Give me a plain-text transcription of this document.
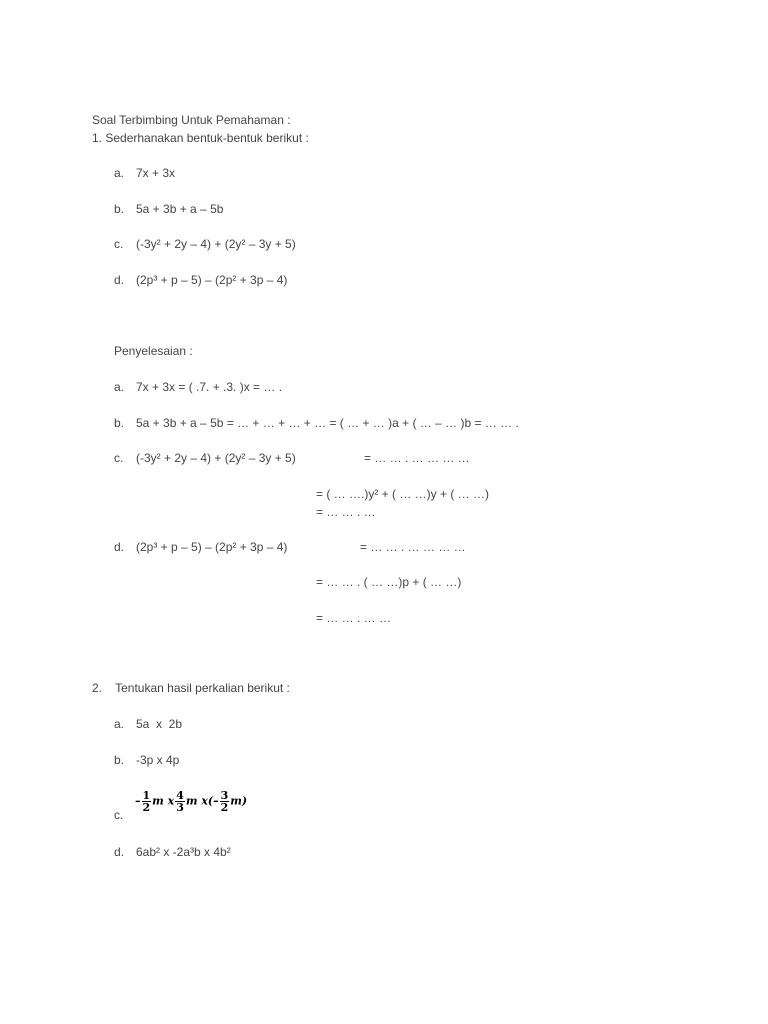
Soal Terbimbing Untuk Pemahaman :
1. Sederhanakan bentuk-bentuk berikut :
a. 7x + 3x
b. 5a + 3b + a – 5b
c. (-3y² + 2y – 4) + (2y² – 3y + 5)
d. (2p³ + p – 5) – (2p² + 3p – 4)
Penyelesaian :
a. 7x + 3x = ( .7. + .3. )x = … .
b. 5a + 3b + a – 5b = … + … + … + … = ( … + … )a + ( … – … )b = … … .
c. (-3y² + 2y – 4) + (2y² – 3y + 5)	= … … . … … … …
= ( … ….)y² + ( … …)y + ( … …)
= … … . …
d. (2p³ + p – 5) – (2p² + 3p – 4)	= … … . … … … …
= … … . ( … …)p + ( … …)
= … … . … …
2.    Tentukan hasil perkalian berikut :
a. 5a  x  2b
b. -3p x 4p
c.
– $\frac{1}{2}$ m x $\frac{4}{3}$ m $x(- \frac{3}{2} m)$
d. 6ab² x -2a³b x 4b²
